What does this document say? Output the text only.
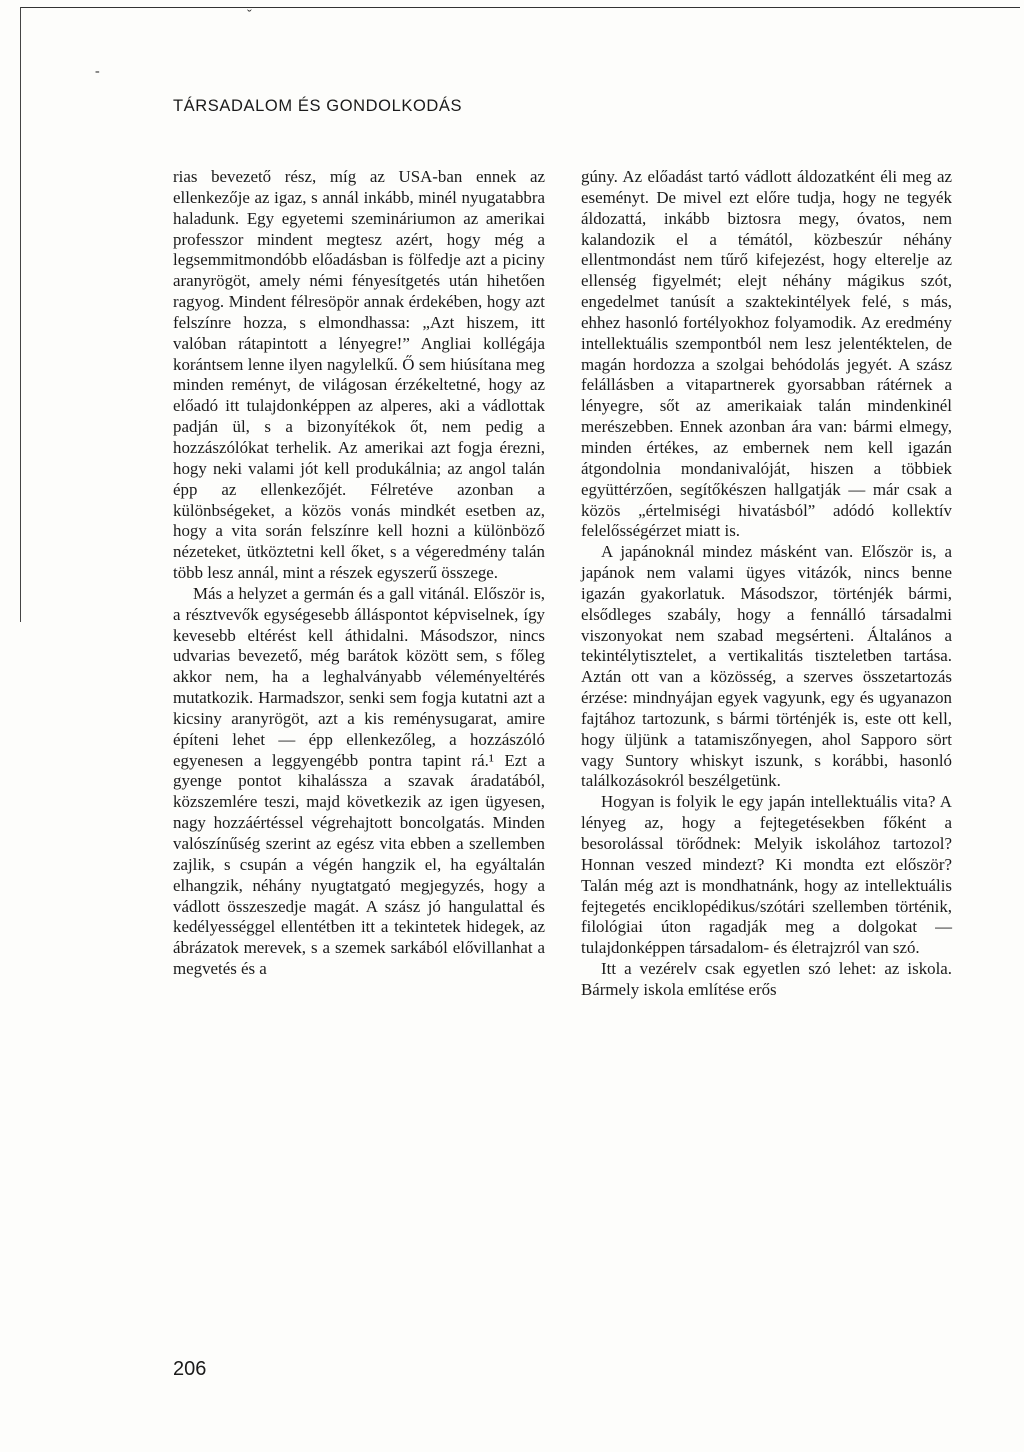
ˇ
-
TÁRSADALOM ÉS GONDOLKODÁS

rias bevezető rész, míg az USA-ban ennek az ellenkezője az igaz, s annál inkább, minél nyugatabbra haladunk. Egy egyetemi szemináriumon az amerikai professzor mindent megtesz azért, hogy még a legsemmitmondóbb előadásban is fölfedje azt a piciny aranyrögöt, amely némi fényesítgetés után hihetően ragyog. Mindent félresöpör annak érdekében, hogy azt felszínre hozza, s elmondhassa: „Azt hiszem, itt valóban rátapintott a lényegre!” Angliai kollégája korántsem lenne ilyen nagylelkű. Ő sem hiúsítana meg minden reményt, de világosan érzékeltetné, hogy az előadó itt tulajdonképpen az alperes, aki a vádlottak padján ül, s a bizonyítékok őt, nem pedig a hozzászólókat terhelik. Az amerikai azt fogja érezni, hogy neki valami jót kell produkálnia; az angol talán épp az ellenkezőjét. Félretéve azonban a különbségeket, a közös vonás mindkét esetben az, hogy a vita során felszínre kell hozni a különböző nézeteket, ütköztetni kell őket, s a végeredmény talán több lesz annál, mint a részek egyszerű összege.

Más a helyzet a germán és a gall vitánál. Először is, a résztvevők egységesebb álláspontot képviselnek, így kevesebb eltérést kell áthidalni. Másodszor, nincs udvarias bevezető, még barátok között sem, s főleg akkor nem, ha a leghalványabb véleményeltérés mutatkozik. Harmadszor, senki sem fogja kutatni azt a kicsiny aranyrögöt, azt a kis reménysugarat, amire építeni lehet — épp ellenkezőleg, a hozzászóló egyenesen a leggyengébb pontra tapint rá.¹ Ezt a gyenge pontot kihalássza a szavak áradatából, közszemlére teszi, majd következik az igen ügyesen, nagy hozzáértéssel végrehajtott boncolgatás. Minden valószínűség szerint az egész vita ebben a szellemben zajlik, s csupán a végén hangzik el, ha egyáltalán elhangzik, néhány nyugtatgató megjegyzés, hogy a vádlott összeszedje magát. A szász jó hangulattal és kedélyességgel ellentétben itt a tekintetek hidegek, az ábrázatok merevek, s a szemek sarkából elővillanhat a megvetés és a

gúny. Az előadást tartó vádlott áldozatként éli meg az eseményt. De mivel ezt előre tudja, hogy ne tegyék áldozattá, inkább biztosra megy, óvatos, nem kalandozik el a témától, közbeszúr néhány ellentmondást nem tűrő kifejezést, hogy elterelje az ellenség figyelmét; elejt néhány mágikus szót, engedelmet tanúsít a szaktekintélyek felé, s más, ehhez hasonló fortélyokhoz folyamodik. Az eredmény intellektuális szempontból nem lesz jelentéktelen, de magán hordozza a szolgai behódolás jegyét. A szász felállásben a vitapartnerek gyorsabban rátérnek a lényegre, sőt az amerikaiak talán mindenkinél merészebben. Ennek azonban ára van: bármi elmegy, minden értékes, az embernek nem kell igazán átgondolnia mondanivalóját, hiszen a többiek együttérzően, segítőkészen hallgatják — már csak a közös „értelmiségi hivatásból” adódó kollektív felelősségérzet miatt is.

A japánoknál mindez másként van. Először is, a japánok nem valami ügyes vitázók, nincs benne igazán gyakorlatuk. Másodszor, történjék bármi, elsődleges szabály, hogy a fennálló társadalmi viszonyokat nem szabad megsérteni. Általános a tekintélytisztelet, a vertikalitás tiszteletben tartása. Aztán ott van a közösség, a szerves összetartozás érzése: mindnyájan egyek vagyunk, egy és ugyanazon fajtához tartozunk, s bármi történjék is, este ott kell, hogy üljünk a tatamiszőnyegen, ahol Sapporo sört vagy Suntory whiskyt iszunk, s korábbi, hasonló találkozásokról beszélgetünk.

Hogyan is folyik le egy japán intellektuális vita? A lényeg az, hogy a fejtegetésekben főként a besorolással törődnek: Melyik iskolához tartozol? Honnan veszed mindezt? Ki mondta ezt először? Talán még azt is mondhatnánk, hogy az intellektuális fejtegetés enciklopédikus/szótári szellemben történik, filológiai úton ragadják meg a dolgokat — tulajdonképpen társadalom- és életrajzról van szó.

Itt a vezérelv csak egyetlen szó lehet: az iskola. Bármely iskola említése erős

206
